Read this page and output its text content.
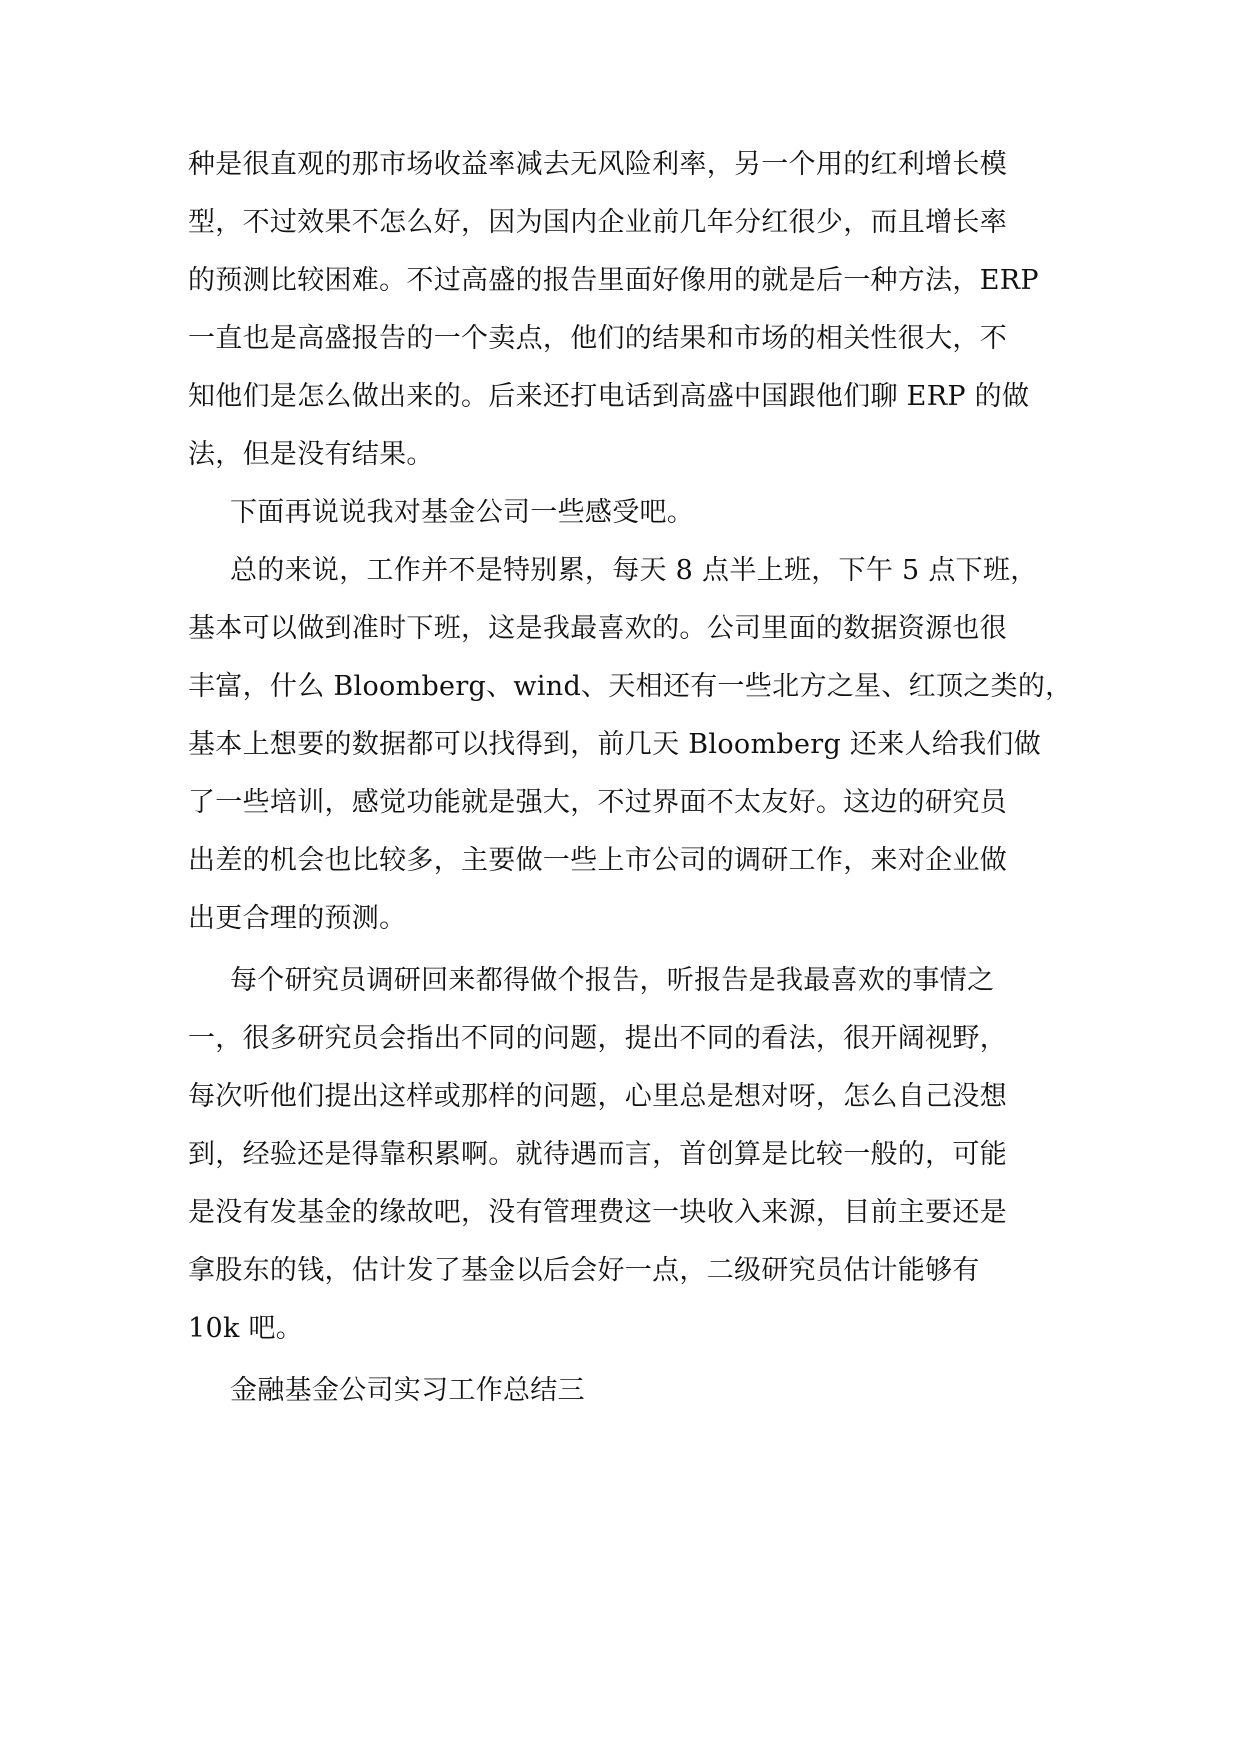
种是很直观的那市场收益率减去无风险利率，另一个用的红利增长模
型，不过效果不怎么好，因为国内企业前几年分红很少，而且增长率
的预测比较困难。不过高盛的报告里面好像用的就是后一种方法，ERP
一直也是高盛报告的一个卖点，他们的结果和市场的相关性很大，不
知他们是怎么做出来的。后来还打电话到高盛中国跟他们聊 ERP 的做
法，但是没有结果。
下面再说说我对基金公司一些感受吧。
总的来说，工作并不是特别累，每天 8 点半上班，下午 5 点下班，
基本可以做到准时下班，这是我最喜欢的。公司里面的数据资源也很
丰富，什么 Bloomberg、wind、天相还有一些北方之星、红顶之类的，
基本上想要的数据都可以找得到，前几天 Bloomberg 还来人给我们做
了一些培训，感觉功能就是强大，不过界面不太友好。这边的研究员
出差的机会也比较多，主要做一些上市公司的调研工作，来对企业做
出更合理的预测。
每个研究员调研回来都得做个报告，听报告是我最喜欢的事情之
一，很多研究员会指出不同的问题，提出不同的看法，很开阔视野，
每次听他们提出这样或那样的问题，心里总是想对呀，怎么自己没想
到，经验还是得靠积累啊。就待遇而言，首创算是比较一般的，可能
是没有发基金的缘故吧，没有管理费这一块收入来源，目前主要还是
拿股东的钱，估计发了基金以后会好一点，二级研究员估计能够有
10k 吧。
金融基金公司实习工作总结三
